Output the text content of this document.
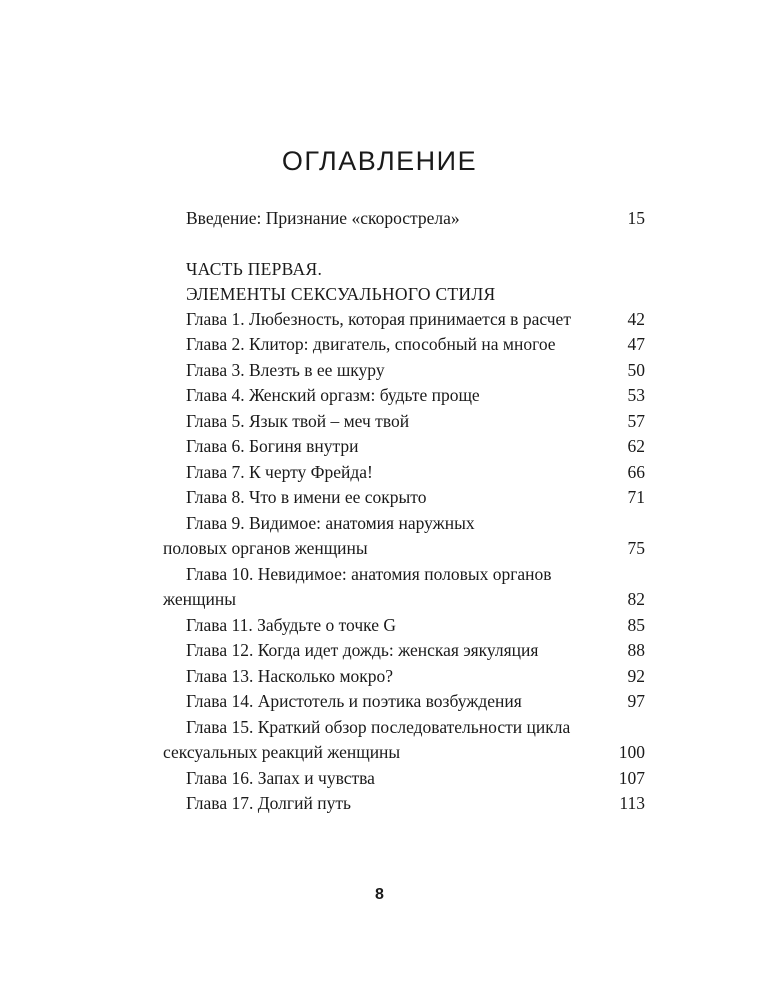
ОГЛАВЛЕНИЕ
Введение: Признание «скорострела»	15
ЧАСТЬ ПЕРВАЯ.
ЭЛЕМЕНТЫ СЕКСУАЛЬНОГО СТИЛЯ
Глава 1. Любезность, которая принимается в расчет	42
Глава 2. Клитор: двигатель, способный на многое	47
Глава 3. Влезть в ее шкуру	50
Глава 4. Женский оргазм: будьте проще	53
Глава 5. Язык твой – меч твой	57
Глава 6. Богиня внутри	62
Глава 7. К черту Фрейда!	66
Глава 8. Что в имени ее сокрыто	71
Глава 9. Видимое: анатомия наружных
половых органов женщины	75
Глава 10. Невидимое: анатомия половых органов
женщины	82
Глава 11. Забудьте о точке G	85
Глава 12. Когда идет дождь: женская эякуляция	88
Глава 13. Насколько мокро?	92
Глава 14. Аристотель и поэтика возбуждения	97
Глава 15. Краткий обзор последовательности цикла
сексуальных реакций женщины	100
Глава 16. Запах и чувства	107
Глава 17. Долгий путь	113
8
